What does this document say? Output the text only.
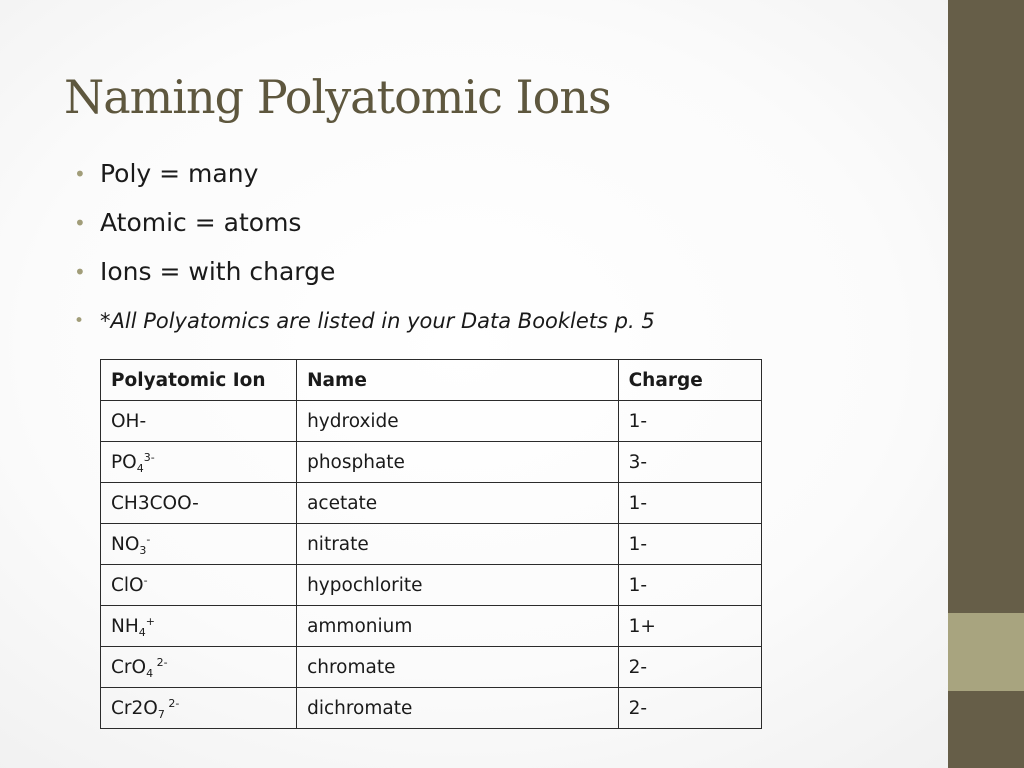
Naming Polyatomic Ions
• Poly = many
• Atomic = atoms
• Ions = with charge
• *All Polyatomics are listed in your Data Booklets p. 5
Polyatomic Ion	Name	Charge
OH-	hydroxide	1-
$PO_4^{3-}$	phosphate	3-
CH3COO-	acetate	1-
$NO_3^-$	nitrate	1-
ClO-	hypochlorite	1-
$NH_4^+$	ammonium	1+
CrO$_4$ $^{2-}$	chromate	2-
$Cr2O_7$ $^{2-}$	dichromate	2-
